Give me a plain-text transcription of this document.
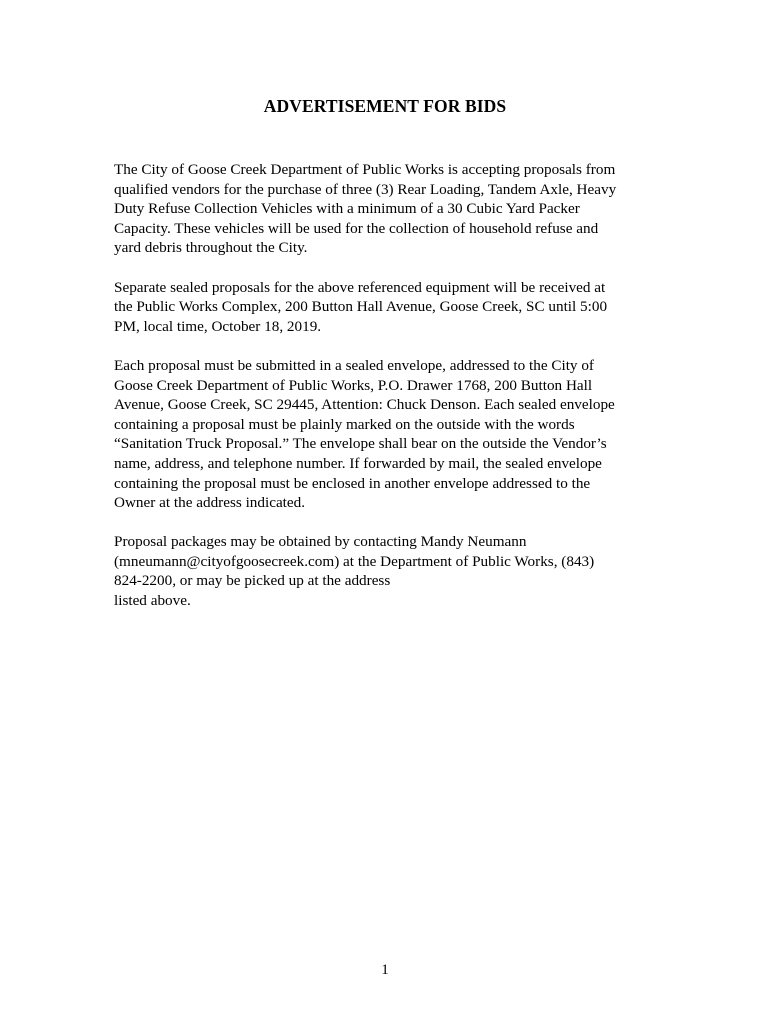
ADVERTISEMENT FOR BIDS

The City of Goose Creek Department of Public Works is accepting proposals from
qualified vendors for the purchase of three (3) Rear Loading, Tandem Axle, Heavy
Duty Refuse Collection Vehicles with a minimum of a 30 Cubic Yard Packer
Capacity. These vehicles will be used for the collection of household refuse and
yard debris throughout the City.

Separate sealed proposals for the above referenced equipment will be received at
the Public Works Complex, 200 Button Hall Avenue, Goose Creek, SC until 5:00
PM, local time, October 18, 2019.

Each proposal must be submitted in a sealed envelope, addressed to the City of
Goose Creek Department of Public Works, P.O. Drawer 1768, 200 Button Hall
Avenue, Goose Creek, SC 29445, Attention: Chuck Denson. Each sealed envelope
containing a proposal must be plainly marked on the outside with the words
“Sanitation Truck Proposal.” The envelope shall bear on the outside the Vendor’s
name, address, and telephone number. If forwarded by mail, the sealed envelope
containing the proposal must be enclosed in another envelope addressed to the
Owner at the address indicated.

Proposal packages may be obtained by contacting Mandy Neumann
(mneumann@cityofgoosecreek.com) at the Department of Public Works, (843)
824-2200, or may be picked up at the address
listed above.

1
